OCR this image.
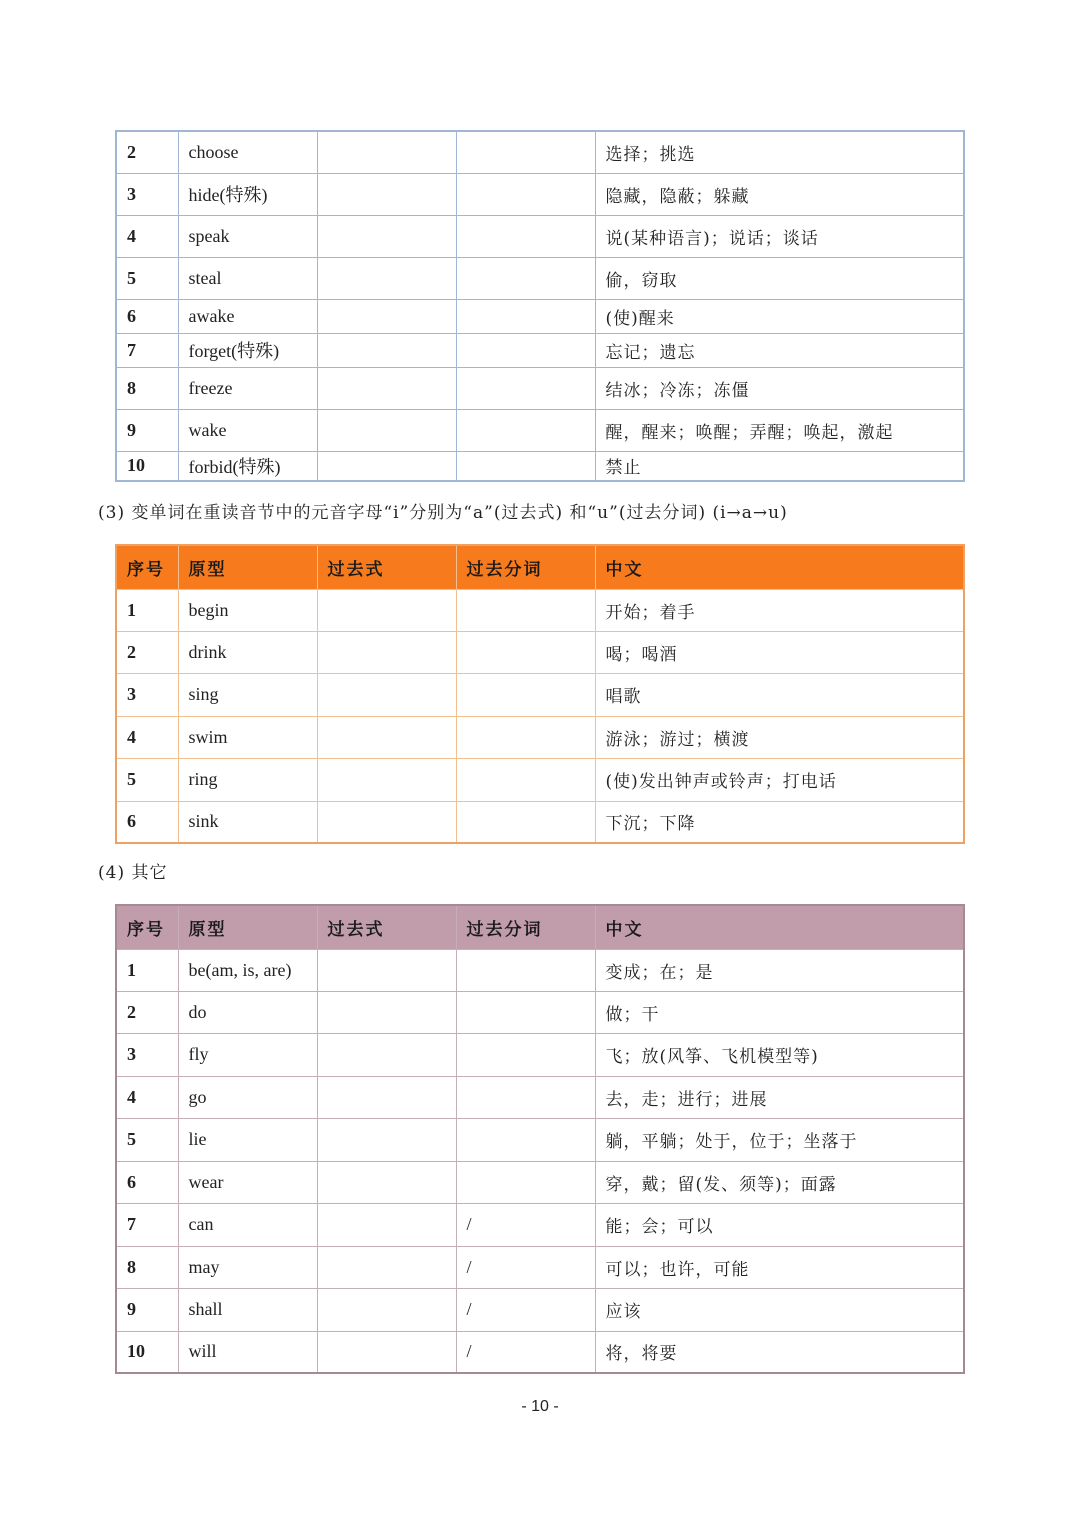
2	choose			选择；挑选
3	hide(特殊)			隐藏，隐蔽；躲藏
4	speak			说(某种语言)；说话；谈话
5	steal			偷，窃取
6	awake			(使)醒来
7	forget(特殊)			忘记；遗忘
8	freeze			结冰；冷冻；冻僵
9	wake			醒，醒来；唤醒；弄醒；唤起，激起
10	forbid(特殊)			禁止
(3) 变单词在重读音节中的元音字母“i”分别为“a”(过去式) 和“u”(过去分词) (i→a→u)
序号	原型	过去式	过去分词	中文
1	begin			开始；着手
2	drink			喝；喝酒
3	sing			唱歌
4	swim			游泳；游过；横渡
5	ring			(使)发出钟声或铃声；打电话
6	sink			下沉；下降
(4) 其它
序号	原型	过去式	过去分词	中文
1	be(am, is, are)			变成；在；是
2	do			做；干
3	fly			飞；放(风筝、飞机模型等)
4	go			去，走；进行；进展
5	lie			躺，平躺；处于，位于；坐落于
6	wear			穿，戴；留(发、须等)；面露
7	can		/	能；会；可以
8	may		/	可以；也许，可能
9	shall		/	应该
10	will		/	将，将要
- 10 -
